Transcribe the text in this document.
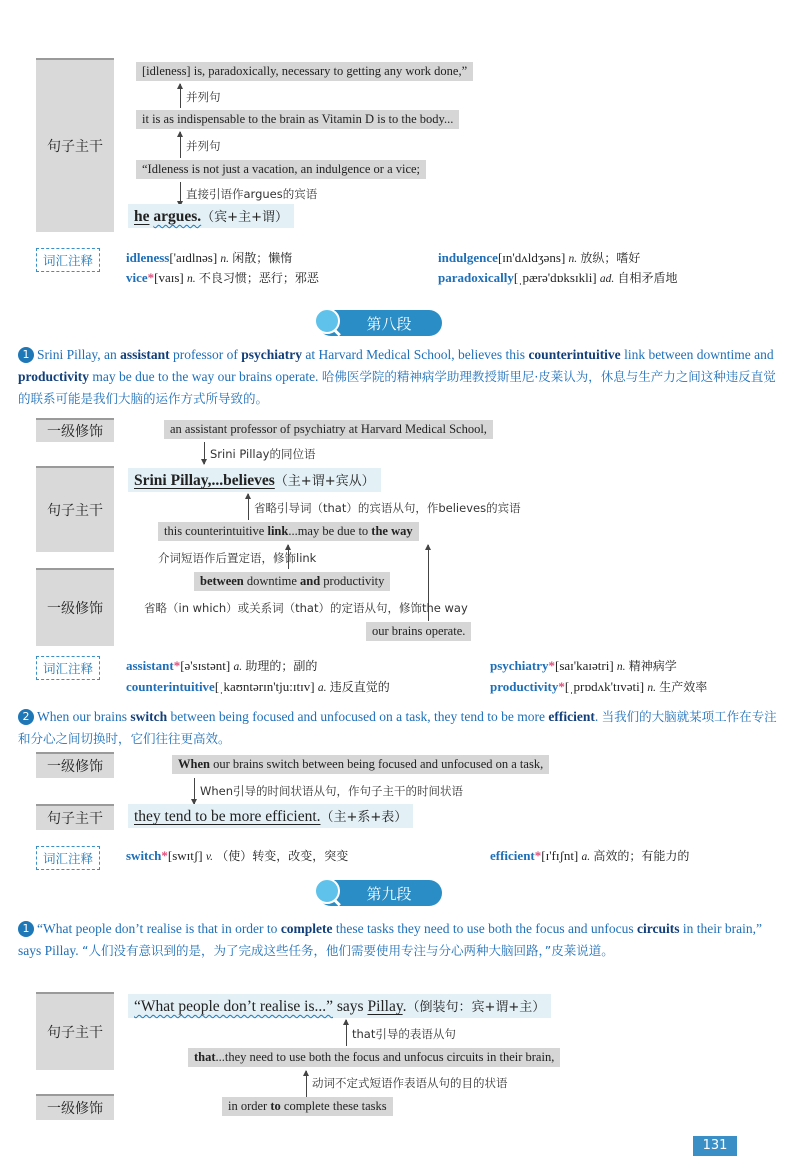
句子主干
[idleness] is, paradoxically, necessary to getting any work done,”
并列句
it is as indispensable to the brain as Vitamin D is to the body...
并列句
“Idleness is not just a vacation, an indulgence or a vice;
直接引语作argues的宾语
he argues.（宾+主+谓）
词汇注释	idleness['aɪdlnəs] n. 闲散；懒惰	indulgence[ɪn'dʌldʒəns] n. 放纵；嗜好
vice*[vaɪs] n. 不良习惯；恶行；邪恶	paradoxically[ˌpærə'dɒksɪkli] ad. 自相矛盾地
第八段
1 Srini Pillay, an assistant professor of psychiatry at Harvard Medical School, believes this counterintuitive link between downtime and productivity may be due to the way our brains operate. 哈佛医学院的精神病学助理教授斯里尼·皮莱认为，休息与生产力之间这种违反直觉的联系可能是我们大脑的运作方式所导致的。
一级修饰	an assistant professor of psychiatry at Harvard Medical School,
Srini Pillay的同位语
句子主干
Srini Pillay,...believes（主+谓+宾从）
省略引导词（that）的宾语从句，作believes的宾语
this counterintuitive link...may be due to the way
介词短语作后置定语，修饰link
一级修饰
between downtime and productivity
省略（in which）或关系词（that）的定语从句，修饰the way
our brains operate.
词汇注释	assistant*[ə'sɪstənt] a. 助理的；副的	psychiatry*[saɪ'kaɪətri] n. 精神病学
counterintuitive[ˌkaʊntərɪn'tju:ɪtɪv] a. 违反直觉的	productivity*[ˌprɒdʌk'tɪvəti] n. 生产效率
2 When our brains switch between being focused and unfocused on a task, they tend to be more efficient. 当我们的大脑就某项工作在专注和分心之间切换时，它们往往更高效。
一级修饰	When our brains switch between being focused and unfocused on a task,
When引导的时间状语从句，作句子主干的时间状语
句子主干	they tend to be more efficient.（主+系+表）
词汇注释	switch*[swɪtʃ] v. （使）转变，改变，突变	efficient*[ɪ'fɪʃnt] a. 高效的；有能力的
第九段
1 “What people don’t realise is that in order to complete these tasks they need to use both the focus and unfocus circuits in their brain,” says Pillay. “人们没有意识到的是，为了完成这些任务，他们需要使用专注与分心两种大脑回路，”皮莱说道。
句子主干
“What people don’t realise is...” says Pillay.（倒装句：宾+谓+主）
that引导的表语从句
that...they need to use both the focus and unfocus circuits in their brain,
动词不定式短语作表语从句的目的状语
一级修饰	in order to complete these tasks
131
